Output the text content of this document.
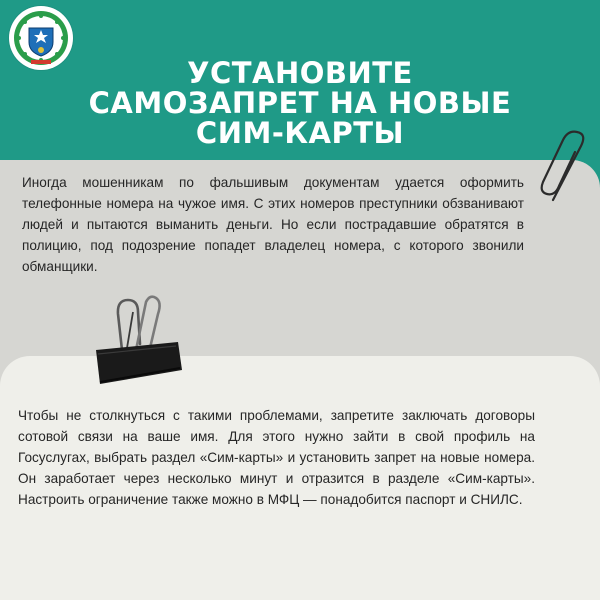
УСТАНОВИТЕ
САМОЗАПРЕТ НА НОВЫЕ
СИМ-КАРТЫ
Иногда мошенникам по фальшивым документам удается оформить телефонные номера на чужое имя. С этих номеров преступники обзванивают людей и пытаются выманить деньги. Но если пострадавшие обратятся в полицию, под подозрение попадет владелец номера, с которого звонили обманщики.
Чтобы не столкнуться с такими проблемами, запретите заключать договоры сотовой связи на ваше имя. Для этого нужно зайти в свой профиль на Госуслугах, выбрать раздел «Сим-карты» и установить запрет на новые номера. Он заработает через несколько минут и отразится в разделе «Сим-карты». Настроить ограничение также можно в МФЦ — понадобится паспорт и СНИЛС.
